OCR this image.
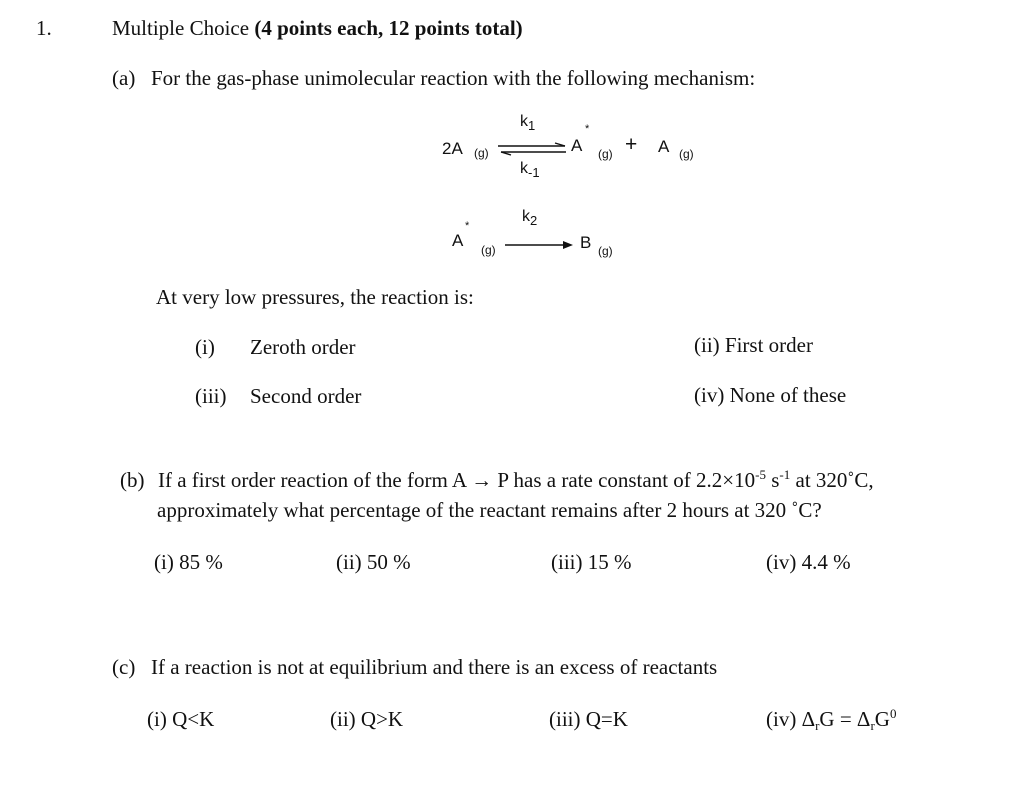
1.	Multiple Choice (4 points each, 12 points total)
(a) For the gas-phase unimolecular reaction with the following mechanism:
2A (g)
$k_1$
$k_{-1}$
A
*
(g) + A (g)
$k_2$
A
*
(g)	B (g)
At very low pressures, the reaction is:
(i) Zeroth order	(ii) First order
(iii) Second order	(iv) None of these
(b) If a first order reaction of the form A → P has a rate constant of $2.2\times 10^{-5}$ $s^{-1}$ at 320˚C,
approximately what percentage of the reactant remains after 2 hours at 320 ˚C?
(i) 85 %	(ii) 50 %	(iii) 15 %	(iv) 4.4 %
(c) If a reaction is not at equilibrium and there is an excess of reactants
(i) Q<K	(ii) Q>K	(iii) Q=K	(iv) $\Delta_rG = \Delta_rG^0$
